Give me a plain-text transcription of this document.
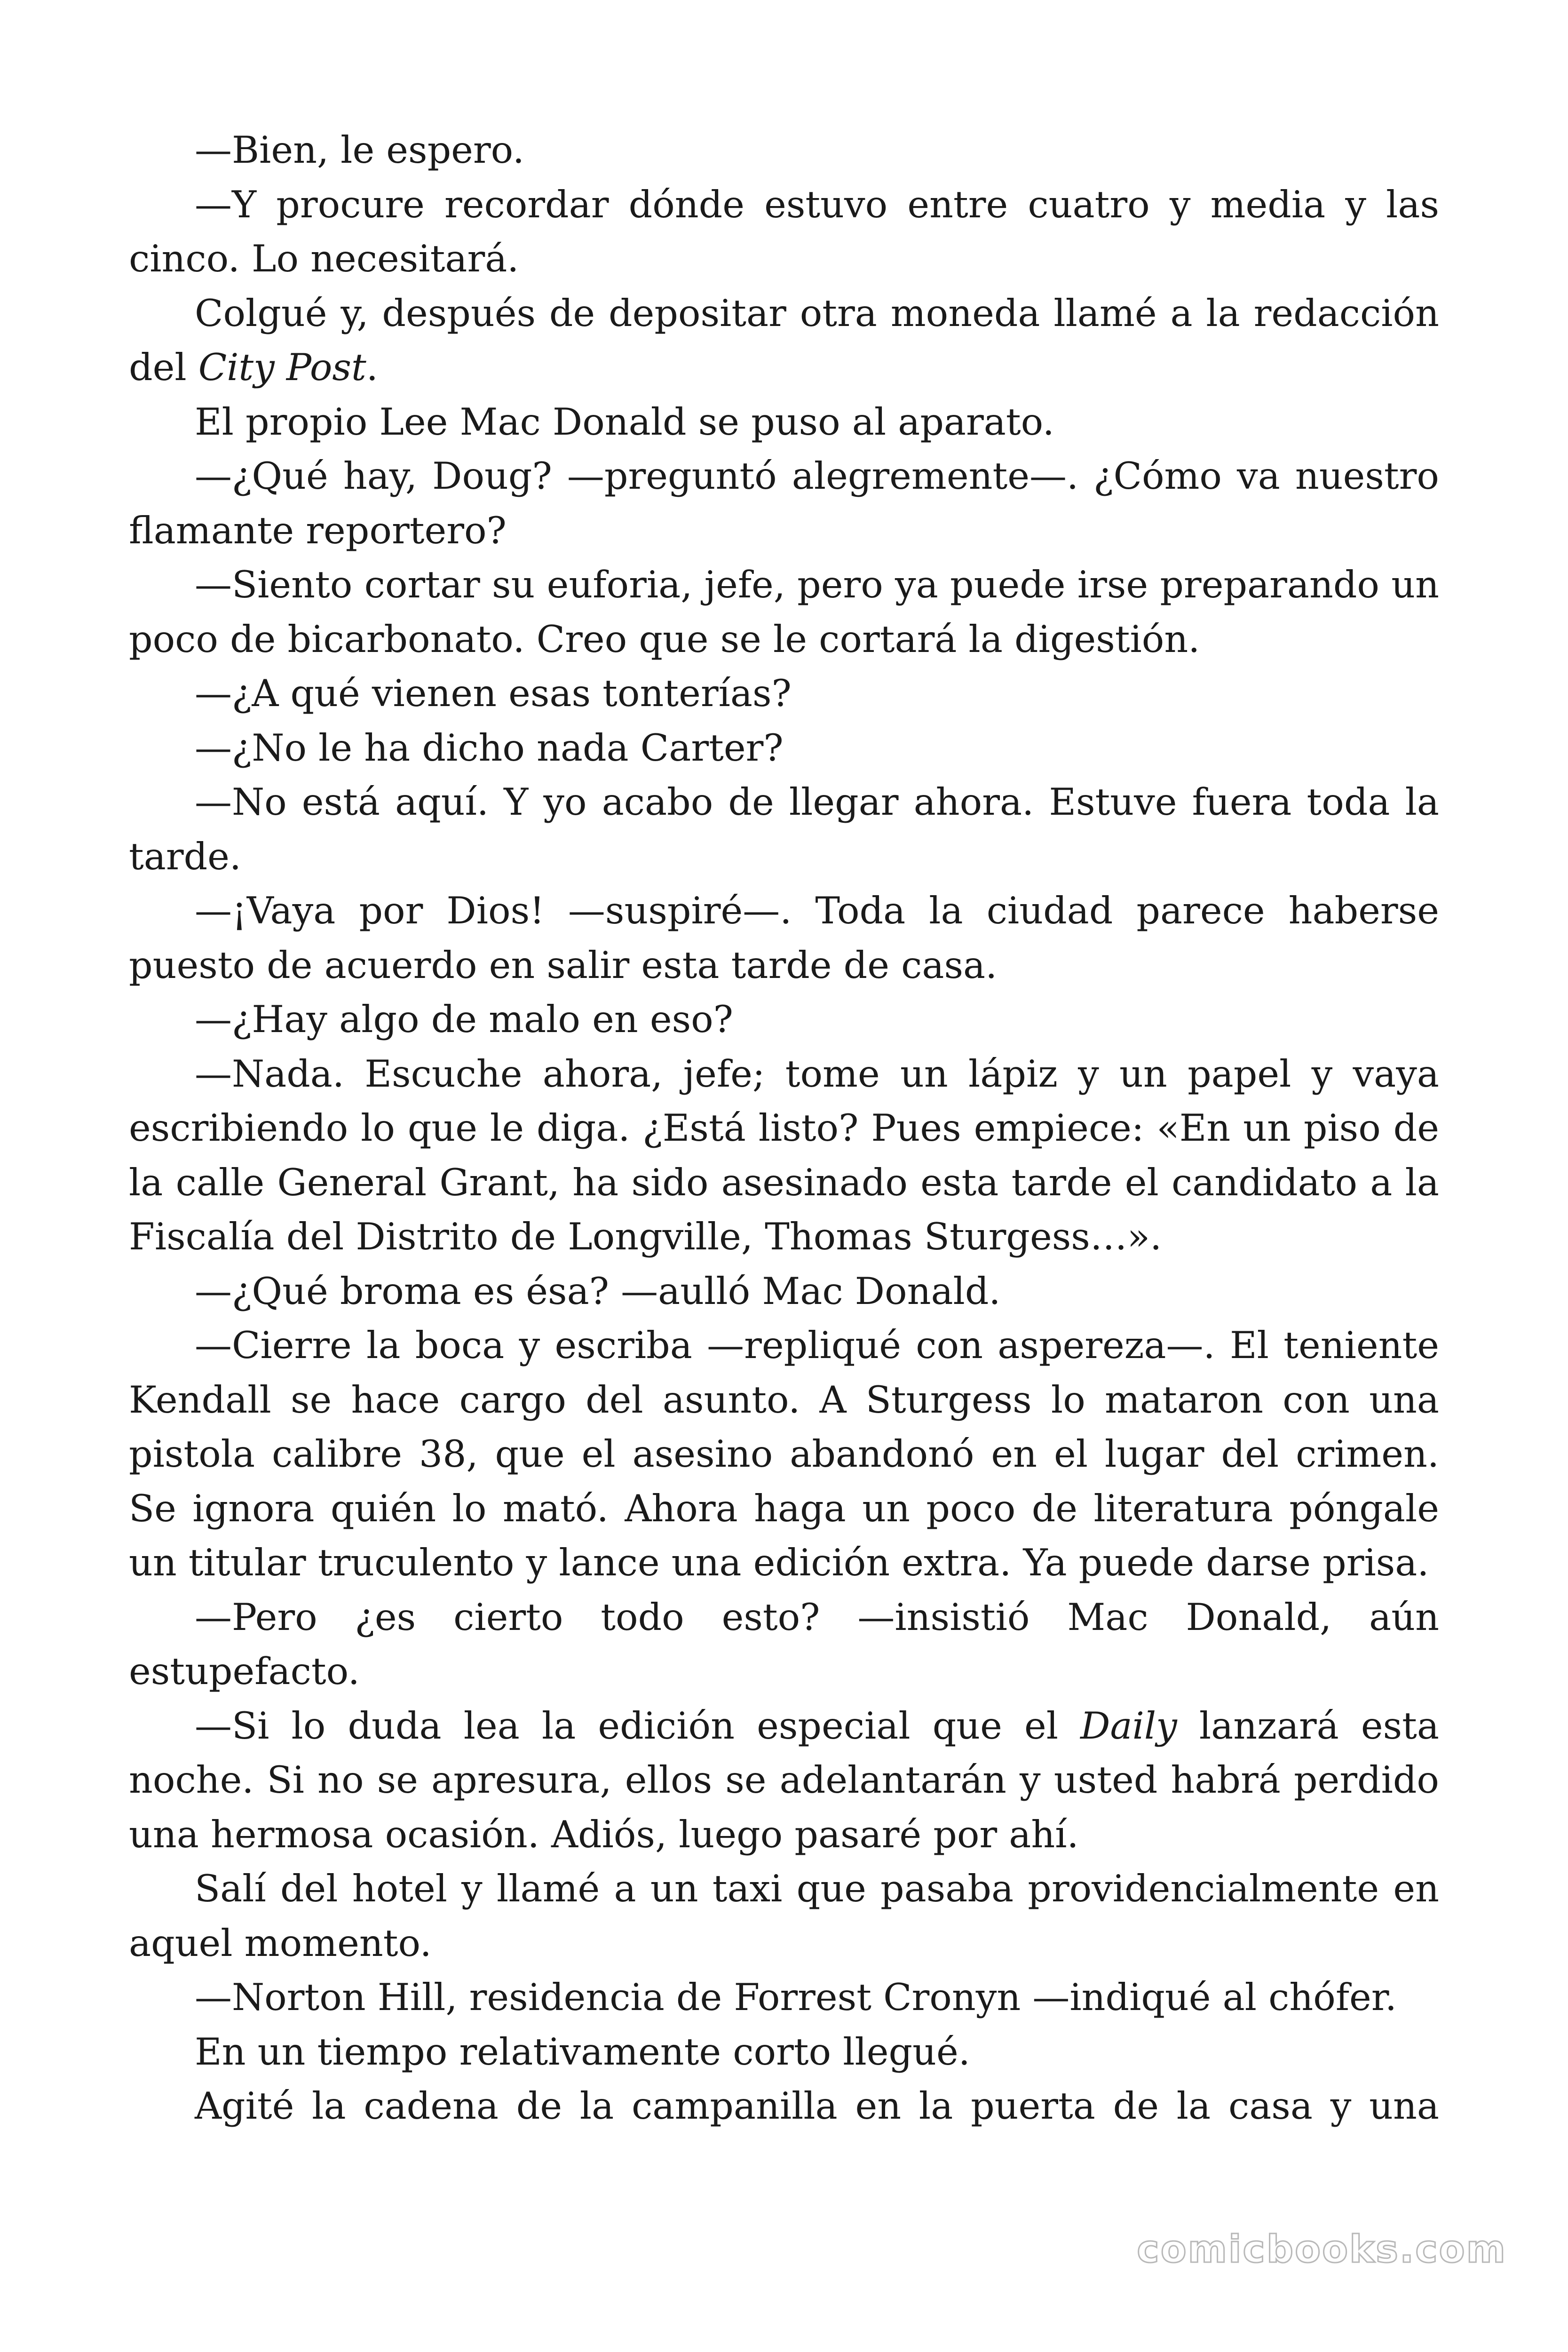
—Bien, le espero.

—Y procure recordar dónde estuvo entre cuatro y media y las cinco. Lo necesitará.

Colgué y, después de depositar otra moneda llamé a la redacción del City Post.

El propio Lee Mac Donald se puso al aparato.

—¿Qué hay, Doug? —preguntó alegremente—. ¿Cómo va nuestro flamante reportero?

—Siento cortar su euforia, jefe, pero ya puede irse preparando un poco de bicarbonato. Creo que se le cortará la digestión.

—¿A qué vienen esas tonterías?

—¿No le ha dicho nada Carter?

—No está aquí. Y yo acabo de llegar ahora. Estuve fuera toda la tarde.

—¡Vaya por Dios! —suspiré—. Toda la ciudad parece haberse puesto de acuerdo en salir esta tarde de casa.

—¿Hay algo de malo en eso?

—Nada. Escuche ahora, jefe; tome un lápiz y un papel y vaya escribiendo lo que le diga. ¿Está listo? Pues empiece: «En un piso de la calle General Grant, ha sido asesinado esta tarde el candidato a la Fiscalía del Distrito de Longville, Thomas Sturgess…».

—¿Qué broma es ésa? —aulló Mac Donald.

—Cierre la boca y escriba —repliqué con aspereza—. El teniente Kendall se hace cargo del asunto. A Sturgess lo mataron con una pistola calibre 38, que el asesino abandonó en el lugar del crimen. Se ignora quién lo mató. Ahora haga un poco de literatura póngale un titular truculento y lance una edición extra. Ya puede darse prisa.

—Pero ¿es cierto todo esto? —insistió Mac Donald, aún estupefacto.

—Si lo duda lea la edición especial que el Daily lanzará esta noche. Si no se apresura, ellos se adelantarán y usted habrá perdido una hermosa ocasión. Adiós, luego pasaré por ahí.

Salí del hotel y llamé a un taxi que pasaba providencialmente en aquel momento.

—Norton Hill, residencia de Forrest Cronyn —indiqué al chófer.

En un tiempo relativamente corto llegué.

Agité la cadena de la campanilla en la puerta de la casa y una

comicbooks.com
